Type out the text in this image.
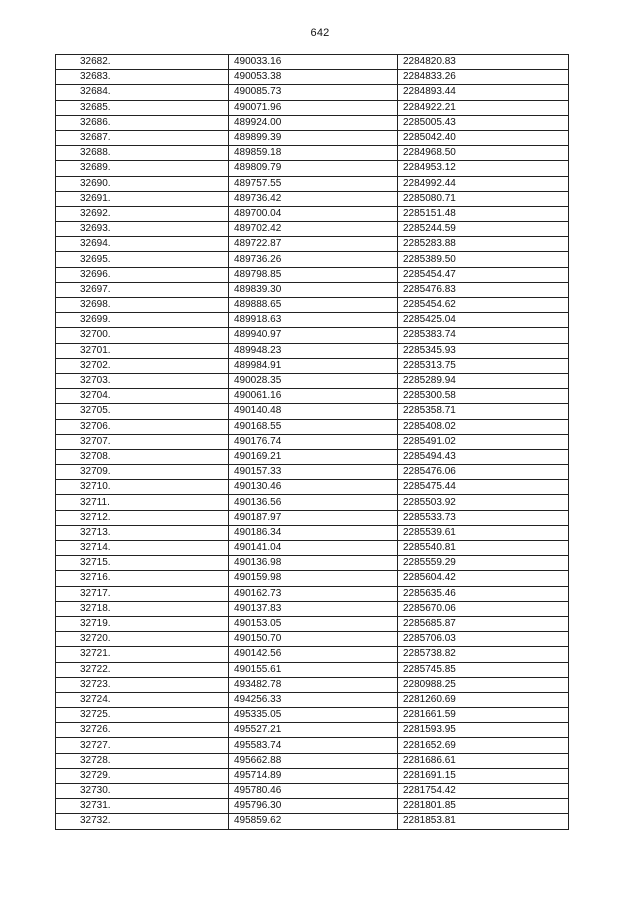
642
32682.	490033.16	2284820.83
32683.	490053.38	2284833.26
32684.	490085.73	2284893.44
32685.	490071.96	2284922.21
32686.	489924.00	2285005.43
32687.	489899.39	2285042.40
32688.	489859.18	2284968.50
32689.	489809.79	2284953.12
32690.	489757.55	2284992.44
32691.	489736.42	2285080.71
32692.	489700.04	2285151.48
32693.	489702.42	2285244.59
32694.	489722.87	2285283.88
32695.	489736.26	2285389.50
32696.	489798.85	2285454.47
32697.	489839.30	2285476.83
32698.	489888.65	2285454.62
32699.	489918.63	2285425.04
32700.	489940.97	2285383.74
32701.	489948.23	2285345.93
32702.	489984.91	2285313.75
32703.	490028.35	2285289.94
32704.	490061.16	2285300.58
32705.	490140.48	2285358.71
32706.	490168.55	2285408.02
32707.	490176.74	2285491.02
32708.	490169.21	2285494.43
32709.	490157.33	2285476.06
32710.	490130.46	2285475.44
32711.	490136.56	2285503.92
32712.	490187.97	2285533.73
32713.	490186.34	2285539.61
32714.	490141.04	2285540.81
32715.	490136.98	2285559.29
32716.	490159.98	2285604.42
32717.	490162.73	2285635.46
32718.	490137.83	2285670.06
32719.	490153.05	2285685.87
32720.	490150.70	2285706.03
32721.	490142.56	2285738.82
32722.	490155.61	2285745.85
32723.	493482.78	2280988.25
32724.	494256.33	2281260.69
32725.	495335.05	2281661.59
32726.	495527.21	2281593.95
32727.	495583.74	2281652.69
32728.	495662.88	2281686.61
32729.	495714.89	2281691.15
32730.	495780.46	2281754.42
32731.	495796.30	2281801.85
32732.	495859.62	2281853.81
